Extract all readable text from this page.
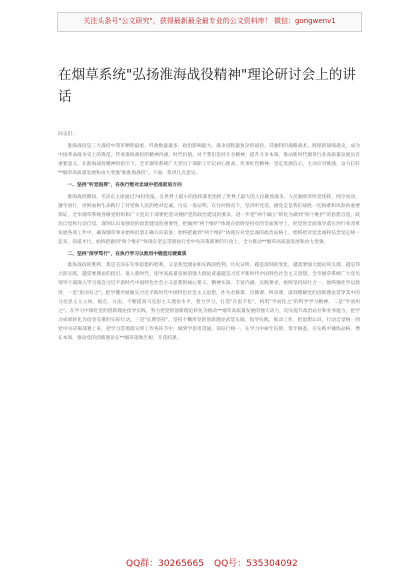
关注头条号"公文研究"，获得最新最全最专业的公文资料库！ 微信：gongwenv1
在烟草系统"弘扬淮海战役精神"理论研讨会上的讲话

同志们：

淮海战役是三大战役中我军牺牲最重、歼敌数量最多、政治影响最大、战争进程最复杂的战役。其独特的战略战术、辉煌的战绩战史，成为中国革命战争史上的典范。传承淮海战役的精神内涵，时代价值。对于我们坚持斗争精神，提升斗争本领，推动新时代烟草行业高质量发展具有重要意义。在淮海战役精神的指引下，全市烟草系统广大党员干部职工牢记初心使命，传承红色精神，坚定发展信心，主动应对挑战，奋力打好**烟草高质量发展和由大变强"新淮海战役"。下面，我讲几点意见。

一、坚持"听党指挥"，在执行绝对忠诚中把准前进方向

淮海战役期间，毛泽东主席通过74封电报，在世界上最小的指挥部里指挥了世界上最大的人民解放战争。人民解放军听党指挥，闻令而动，遵令而行，用鲜血和生命践行了对党和人民的绝对忠诚。历史一再证明，在任何情况下，坚决听党话，跟党走是我们战胜一切困难和风险的重要保证。全市烟草系统各级党组织和广大党员干部要把坚决拥护党的政治建设的要求，进一步把"两个确立"转化为做到"两个维护"的思想自觉、政治自觉和行动自觉。深刻认识加强党的政治建设的重要性，把做到"两个维护"体现在始终坚持党的全面领导上，把党的全面领导落实到行业改革发展各项工作中，确保烟草事业始终沿着正确方向前进；始终把做到"两个维护"体现在对党忠诚的政治品格上，始终把对党忠诚和信念坚定统一起来，知道才行，始终把做到"两个维护"体现在坚定贯彻执行党中央决策部署的行动上，全力推动**烟草高质量发展和由大变强。

二、坚持"深学笃行"，在执行学习以致用中锻造过硬素质

淮海战役的胜利，我是毛泽东军事思想的胜利，又是我党理论和实践的胜利。历史证明，越是深刻的变化，越需要强大理论的支撑，越是伟大的实践，越需要理论的指引。进入新时代，指导高质量发展的强大理论武器就是习近平新时代中国特色社会主义思想。全市烟草系统广大党员领导干部深入学习领会习近平新时代中国特色社会主义思想的核心要义、精神实质、丰富内涵、实践要求，始终坚持知行合一、始终强化学以致用，一是"思而有之"。把学懂弄通做实习近平新时代中国特色社会主义思想，作为必修课、首修课、终身课，深刻理解党的创新理论贯穿其中的马克思主义立场、观点、方法，不断提高马克思主义理论水平，着力学习，打造"在思不化"，构筑"学而化之"的科学学习精神，二是"学而用之"。在学习中深化党的创新理论指导实践，努力把党的创新理论转化为推动**烟草高质量发展的强大动力，切实提升政治站位和业务能力，把学习成果转化为攻坚克难的实际行动。三是"长期坚持"。坚持不懈用党的创新理论武装头脑、指导实践、推动工作，把思想认识、行动自觉统一到党中央决策部署上来，把学习贯彻落实到工作各环节中，做到学思用贯通、知信行统一，在学习中树牢信仰、筑牢根基，在实践中锤炼品格、增长本领，推动党的创新理论在**烟草落地生根、开花结果。

QQ群：30265665 QQ号：535304092
